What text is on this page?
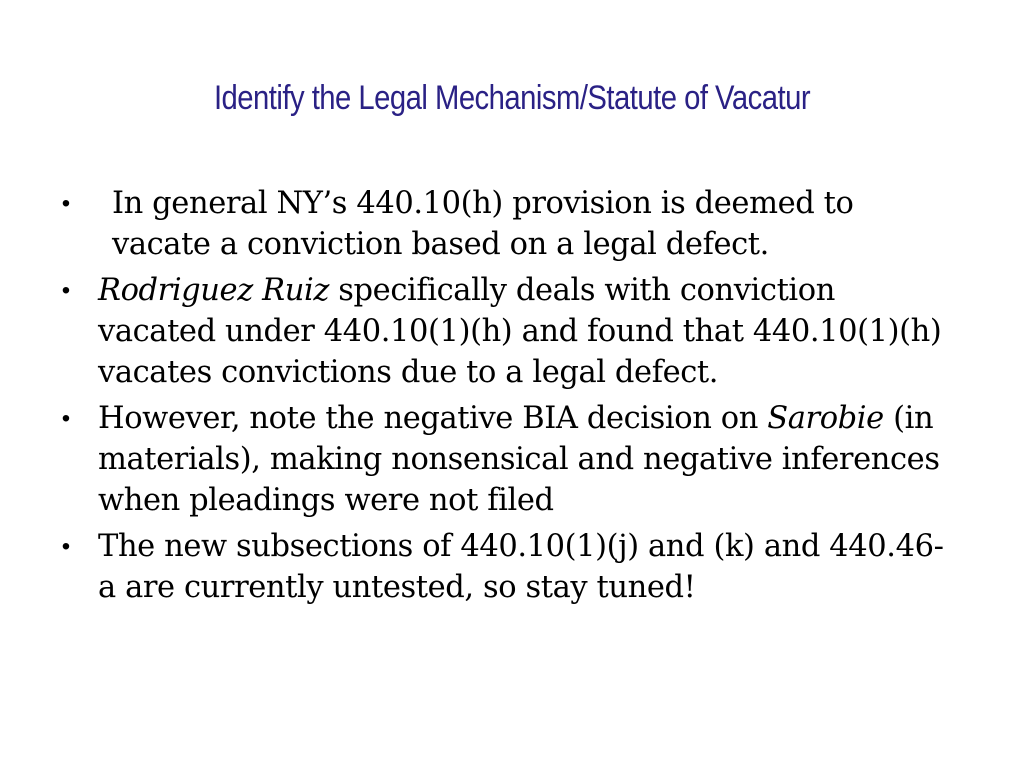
Identify the Legal Mechanism/Statute of Vacatur
• In general NY’s 440.10(h) provision is deemed to vacate a conviction based on a legal defect.
• Rodriguez Ruiz specifically deals with conviction vacated under 440.10(1)(h) and found that 440.10(1)(h) vacates convictions due to a legal defect.
• However, note the negative BIA decision on Sarobie (in materials), making nonsensical and negative inferences when pleadings were not filed
• The new subsections of 440.10(1)(j) and (k) and 440.46-a are currently untested, so stay tuned!
